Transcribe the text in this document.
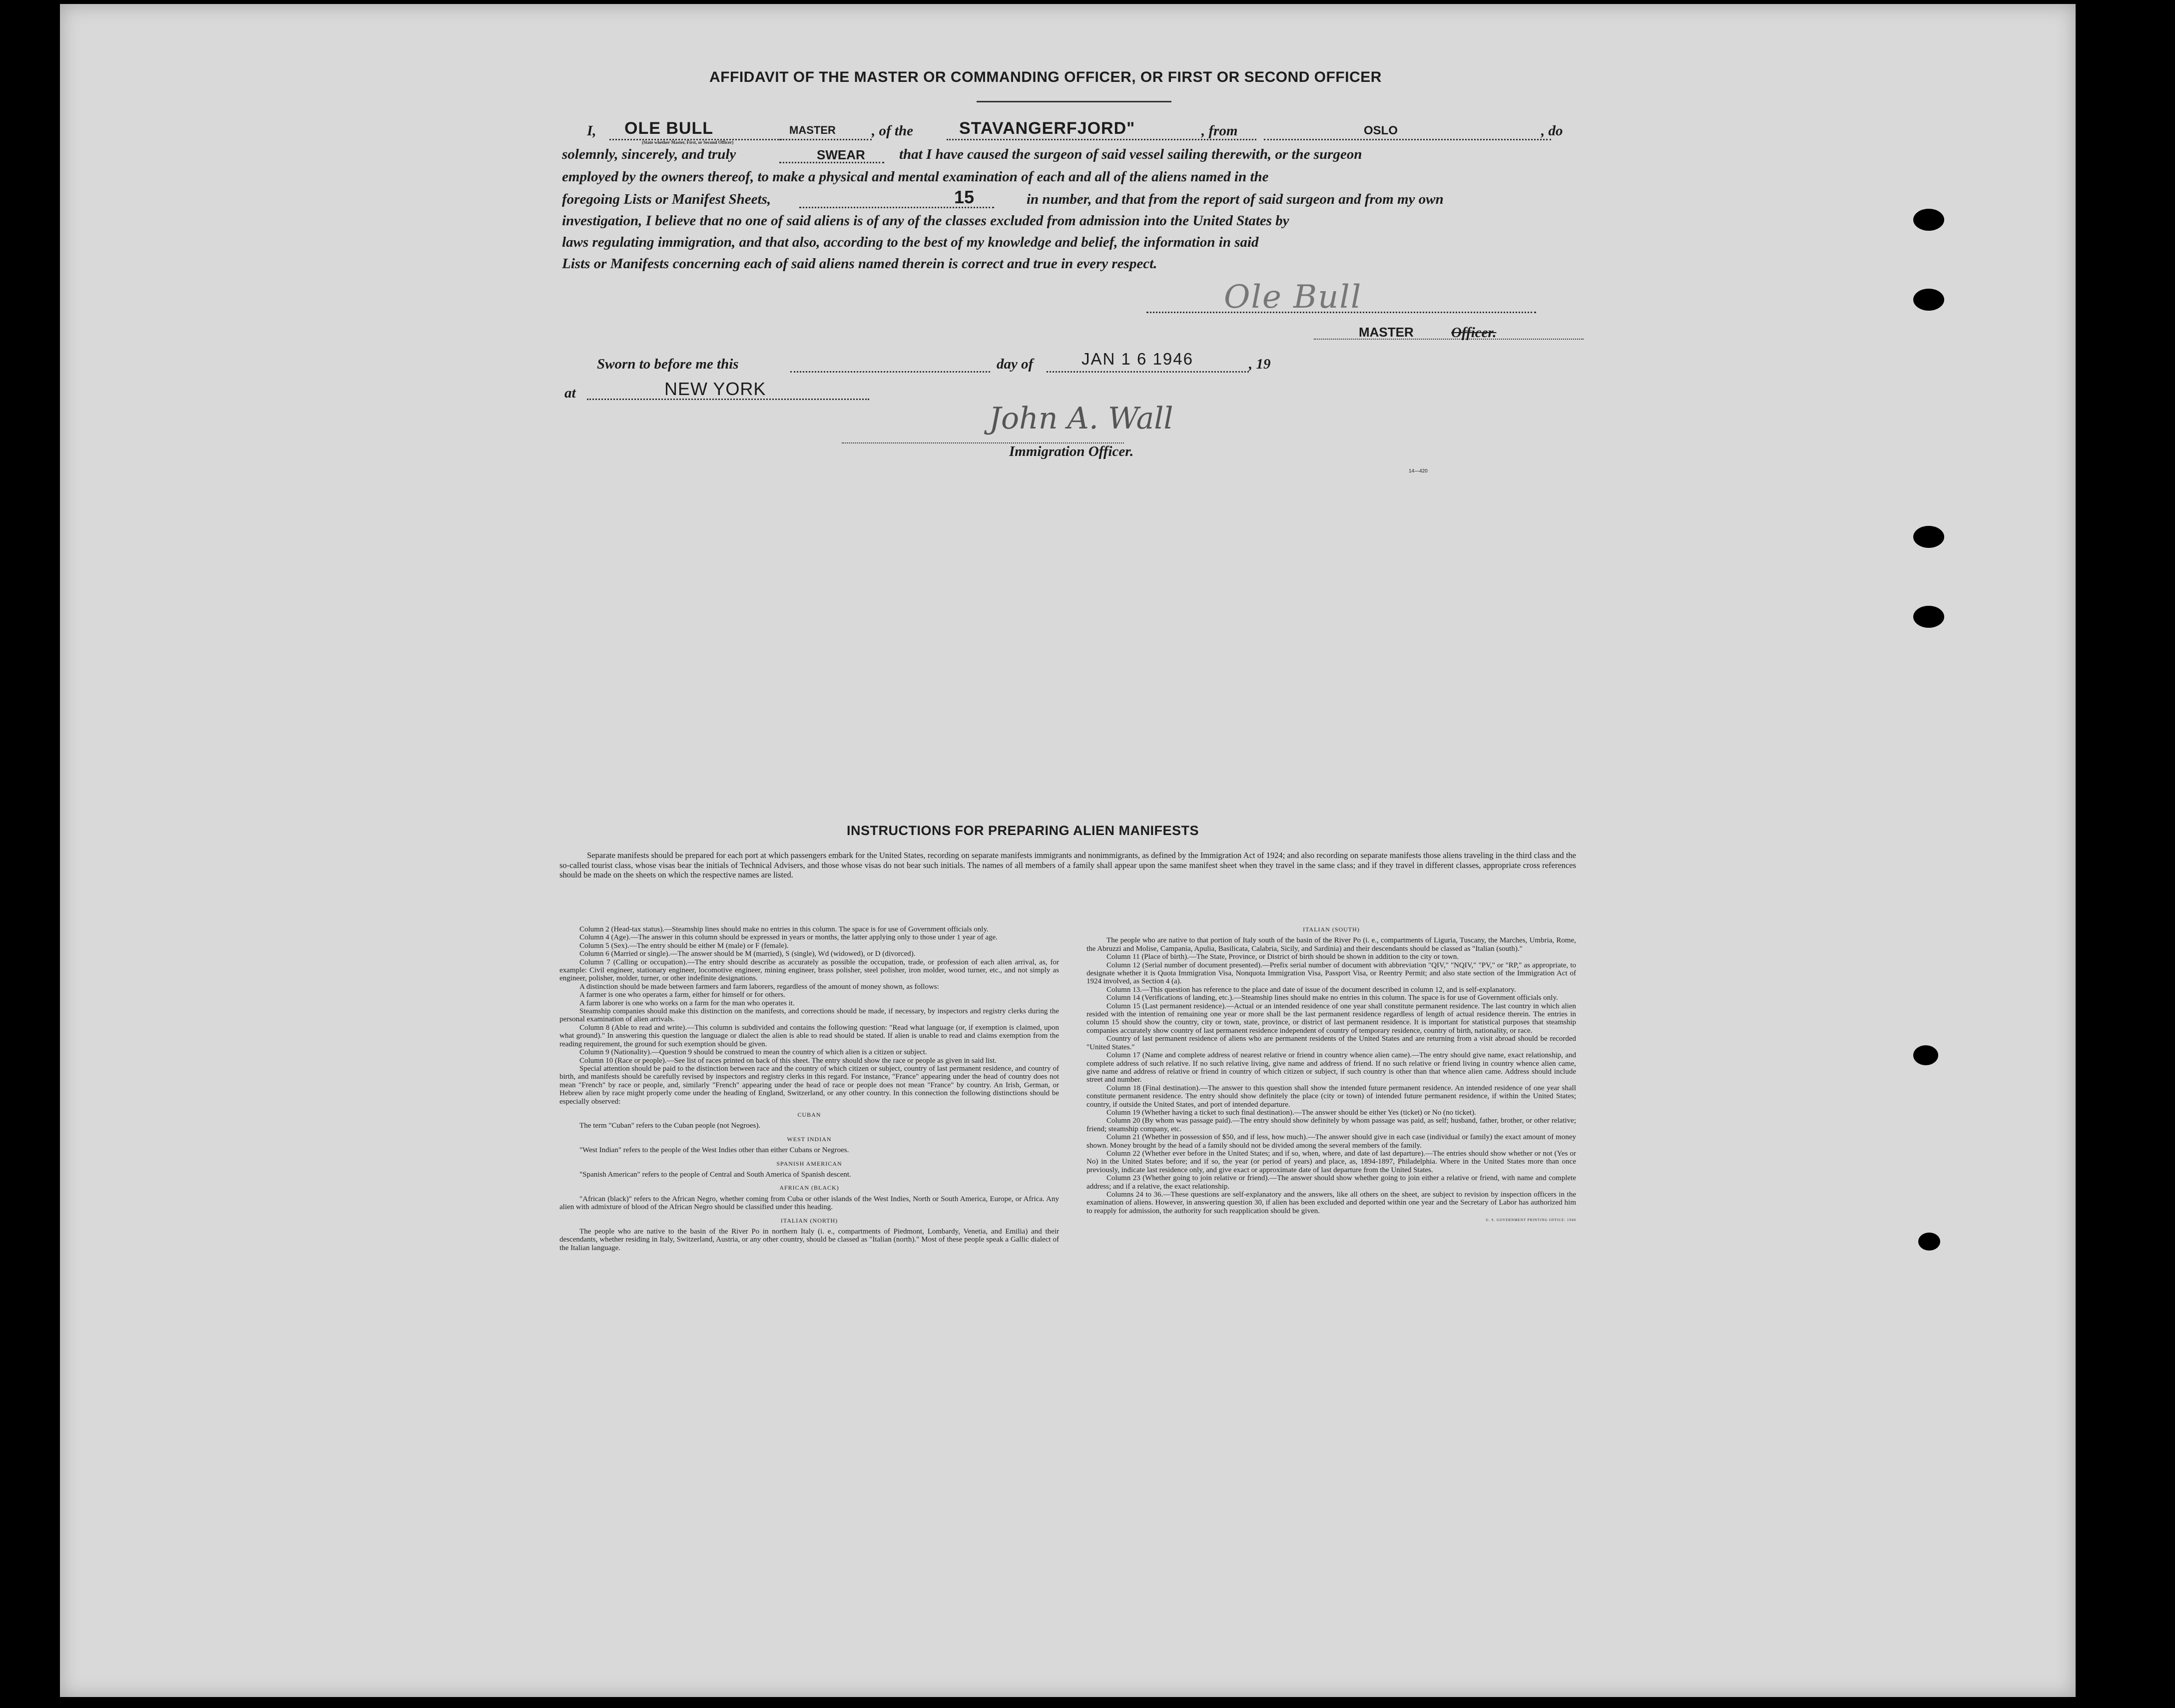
AFFIDAVIT OF THE MASTER OR COMMANDING OFFICER, OR FIRST OR SECOND OFFICER
I, OLE BULL	MASTER , of the	STAVANGERFJORD"	, from	OSLO	, do
(State whether Master, First, or Second Officer)
solemnly, sincerely, and truly	SWEAR that I have caused the surgeon of said vessel sailing therewith, or the surgeon
employed by the owners thereof, to make a physical and mental examination of each and all of the aliens named in the
foregoing Lists or Manifest Sheets,	15	in number, and that from the report of said surgeon and from my own
investigation, I believe that no one of said aliens is of any of the classes excluded from admission into the United States by
laws regulating immigration, and that also, according to the best of my knowledge and belief, the information in said
Lists or Manifests concerning each of said aliens named therein is correct and true in every respect.
Ole Bull
MASTER	Officer.
Sworn to before me this	day of	JAN 1 6 1946	, 19
at	NEW YORK
John A. Wall
Immigration Officer.
14—420
INSTRUCTIONS FOR PREPARING ALIEN MANIFESTS
Separate manifests should be prepared for each port at which passengers embark for the United States, recording on separate manifests immigrants and nonimmigrants, as defined by the Immigration Act of 1924; and also recording on separate manifests those aliens traveling in the third class and the so-called tourist class, whose visas bear the initials of Technical Advisers, and those whose visas do not bear such initials. The names of all members of a family shall appear upon the same manifest sheet when they travel in the same class; and if they travel in different classes, appropriate cross references should be made on the sheets on which the respective names are listed.

Column 2 (Head-tax status).—Steamship lines should make no entries in this column. The space is for use of Government officials only.

Column 4 (Age).—The answer in this column should be expressed in years or months, the latter applying only to those under 1 year of age.

Column 5 (Sex).—The entry should be either M (male) or F (female).

Column 6 (Married or single).—The answer should be M (married), S (single), Wd (widowed), or D (divorced).

Column 7 (Calling or occupation).—The entry should describe as accurately as possible the occupation, trade, or profession of each alien arrival, as, for example: Civil engineer, stationary engineer, locomotive engineer, mining engineer, brass polisher, steel polisher, iron molder, wood turner, etc., and not simply as engineer, polisher, molder, turner, or other indefinite designations.

A distinction should be made between farmers and farm laborers, regardless of the amount of money shown, as follows:

A farmer is one who operates a farm, either for himself or for others.

A farm laborer is one who works on a farm for the man who operates it.

Steamship companies should make this distinction on the manifests, and corrections should be made, if necessary, by inspectors and registry clerks during the personal examination of alien arrivals.

Column 8 (Able to read and write).—This column is subdivided and contains the following question: "Read what language (or, if exemption is claimed, upon what ground)." In answering this question the language or dialect the alien is able to read should be stated. If alien is unable to read and claims exemption from the reading requirement, the ground for such exemption should be given.

Column 9 (Nationality).—Question 9 should be construed to mean the country of which alien is a citizen or subject.

Column 10 (Race or people).—See list of races printed on back of this sheet. The entry should show the race or people as given in said list.

Special attention should be paid to the distinction between race and the country of which citizen or subject, country of last permanent residence, and country of birth, and manifests should be carefully revised by inspectors and registry clerks in this regard. For instance, "France" appearing under the head of country does not mean "French" by race or people, and, similarly "French" appearing under the head of race or people does not mean "France" by country. An Irish, German, or Hebrew alien by race might properly come under the heading of England, Switzerland, or any other country. In this connection the following distinctions should be especially observed:

CUBAN

The term "Cuban" refers to the Cuban people (not Negroes).

WEST INDIAN

"West Indian" refers to the people of the West Indies other than either Cubans or Negroes.

SPANISH AMERICAN

"Spanish American" refers to the people of Central and South America of Spanish descent.

AFRICAN (BLACK)

"African (black)" refers to the African Negro, whether coming from Cuba or other islands of the West Indies, North or South America, Europe, or Africa. Any alien with admixture of blood of the African Negro should be classified under this heading.

ITALIAN (NORTH)

The people who are native to the basin of the River Po in northern Italy (i. e., compartments of Piedmont, Lombardy, Venetia, and Emilia) and their descendants, whether residing in Italy, Switzerland, Austria, or any other country, should be classed as "Italian (north)." Most of these people speak a Gallic dialect of the Italian language.

ITALIAN (SOUTH)

The people who are native to that portion of Italy south of the basin of the River Po (i. e., compartments of Liguria, Tuscany, the Marches, Umbria, Rome, the Abruzzi and Molise, Campania, Apulia, Basilicata, Calabria, Sicily, and Sardinia) and their descendants should be classed as "Italian (south)."

Column 11 (Place of birth).—The State, Province, or District of birth should be shown in addition to the city or town.

Column 12 (Serial number of document presented).—Prefix serial number of document with abbreviation "QIV," "NQIV," "PV," or "RP," as appropriate, to designate whether it is Quota Immigration Visa, Nonquota Immigration Visa, Passport Visa, or Reentry Permit; and also state section of the Immigration Act of 1924 involved, as Section 4 (a).

Column 13.—This question has reference to the place and date of issue of the document described in column 12, and is self-explanatory.

Column 14 (Verifications of landing, etc.).—Steamship lines should make no entries in this column. The space is for use of Government officials only.

Column 15 (Last permanent residence).—Actual or an intended residence of one year shall constitute permanent residence. The last country in which alien resided with the intention of remaining one year or more shall be the last permanent residence regardless of length of actual residence therein. The entries in column 15 should show the country, city or town, state, province, or district of last permanent residence. It is important for statistical purposes that steamship companies accurately show country of last permanent residence independent of country of temporary residence, country of birth, nationality, or race.

Country of last permanent residence of aliens who are permanent residents of the United States and are returning from a visit abroad should be recorded "United States."

Column 17 (Name and complete address of nearest relative or friend in country whence alien came).—The entry should give name, exact relationship, and complete address of such relative. If no such relative living, give name and address of friend. If no such relative or friend living in country whence alien came, give name and address of relative or friend in country of which citizen or subject, if such country is other than that whence alien came. Address should include street and number.

Column 18 (Final destination).—The answer to this question shall show the intended future permanent residence. An intended residence of one year shall constitute permanent residence. The entry should show definitely the place (city or town) of intended future permanent residence, if within the United States; country, if outside the United States, and port of intended departure.

Column 19 (Whether having a ticket to such final destination).—The answer should be either Yes (ticket) or No (no ticket).

Column 20 (By whom was passage paid).—The entry should show definitely by whom passage was paid, as self; husband, father, brother, or other relative; friend; steamship company, etc.

Column 21 (Whether in possession of $50, and if less, how much).—The answer should give in each case (individual or family) the exact amount of money shown. Money brought by the head of a family should not be divided among the several members of the family.

Column 22 (Whether ever before in the United States; and if so, when, where, and date of last departure).—The entries should show whether or not (Yes or No) in the United States before; and if so, the year (or period of years) and place, as, 1894-1897, Philadelphia. Where in the United States more than once previously, indicate last residence only, and give exact or approximate date of last departure from the United States.

Column 23 (Whether going to join relative or friend).—The answer should show whether going to join either a relative or friend, with name and complete address; and if a relative, the exact relationship.

Columns 24 to 36.—These questions are self-explanatory and the answers, like all others on the sheet, are subject to revision by inspection officers in the examination of aliens. However, in answering question 30, if alien has been excluded and deported within one year and the Secretary of Labor has authorized him to reapply for admission, the authority for such reapplication should be given.

U. S. GOVERNMENT PRINTING OFFICE: 1940
